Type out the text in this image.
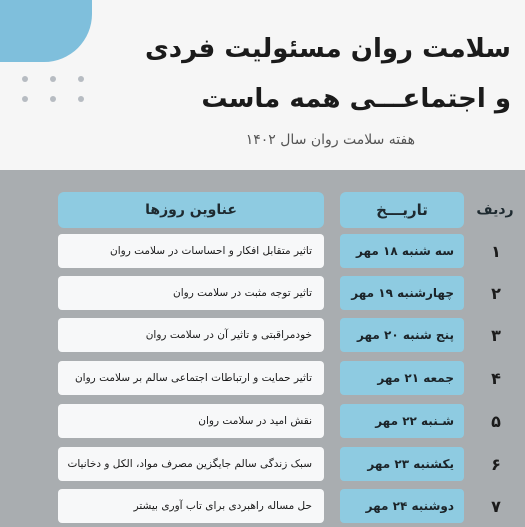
سلامت روان مسئولیت فردی
و اجتماعـــی همه ماست
هفته سلامت روان سال ۱۴۰۲
ردیف
تاریـــخ
عناوین روزها
۱
سه شنبه ۱۸ مهر
تاثیر متقابل افکار و احساسات در سلامت روان
۲
چهارشنبه ۱۹ مهر
تاثیر توجه مثبت در سلامت روان
۳
پنج شنبه ۲۰ مهر
خودمراقبتی و تاثیر آن در سلامت روان
۴
جمعه ۲۱ مهر
تاثیر حمایت و ارتباطات اجتماعی سالم بر سلامت روان
۵
شـنبه ۲۲ مهر
نقش امید در سلامت روان
۶
یکشنبه ۲۳ مهر
سبک زندگی سالم جایگزین مصرف مواد، الکل و دخانیات
۷
دوشنبه ۲۴ مهر
حل مساله راهبردی برای تاب آوری بیشتر
